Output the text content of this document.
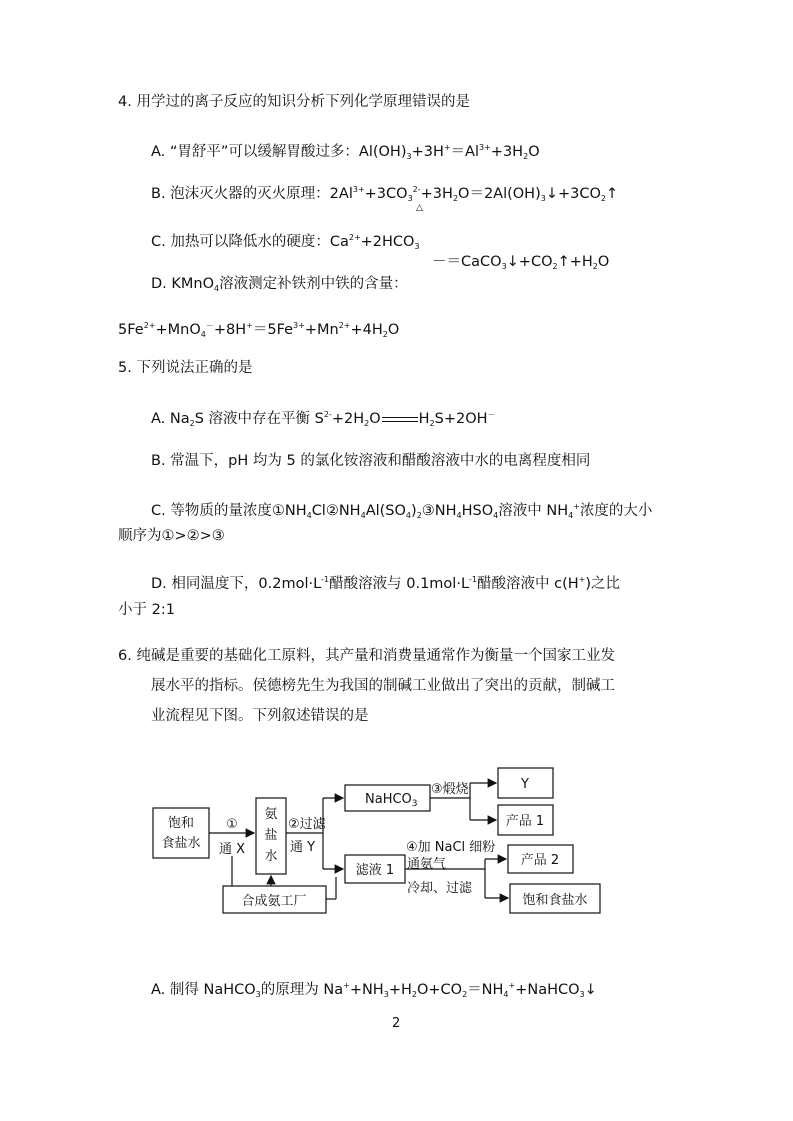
4. 用学过的离子反应的知识分析下列化学原理错误的是
A. “胃舒平”可以缓解胃酸过多：$Al(OH)_3+3H^+=Al^{3+}+3H_2O$
B. 泡沫灭火器的灭火原理：$2Al^{3+}+3CO_3^{2-}+3H_2O=2Al(OH)_3↓+3CO_2↑$
△
C. 加热可以降低水的硬度：$Ca^{2+}+2HCO_3$
$-=CaCO_3↓+CO_2↑+H_2O$
D. KMnO$_4$溶液测定补铁剂中铁的含量：
$5Fe^{2+}+MnO_4^-+8H^+=5Fe^{3+}+Mn^{2+}+4H_2O$
5. 下列说法正确的是
A. $Na_2S$ 溶液中存在平衡 $S^{2-}+2H_2O$	$H_2S+2OH^-$
B. 常温下，pH 均为 5 的氯化铵溶液和醋酸溶液中水的电离程度相同
C. 等物质的量浓度$①NH_4Cl②NH_4Al(SO_4)_2③NH_4HSO_4$溶液中 $NH_4^+$浓度的大小
顺序为①>②>③
D. 相同温度下，$0.2mol\cdot L^{-1}$醋酸溶液与 $0.1mol\cdot L^{-1}$醋酸溶液中 c(H+)之比
小于 2:1
6. 纯碱是重要的基础化工原料，其产量和消费量通常作为衡量一个国家工业发
展水平的指标。侯德榜先生为我国的制碱工业做出了突出的贡献，制碱工
业流程见下图。下列叙述错误的是
饱和
食盐水
①
通 X
氨
盐
水
②过滤
通 Y
NaHCO$_3$
③煅烧	Y
产品 1
滤液 1
④加 NaCl 细粉
通氨气
冷却、过滤
产品 2
饱和食盐水
合成氨工厂
A. 制得 NaHCO$_3$的原理为 $Na^++NH_3+H_2O+CO_2=NH_4^++NaHCO_3↓$
2
